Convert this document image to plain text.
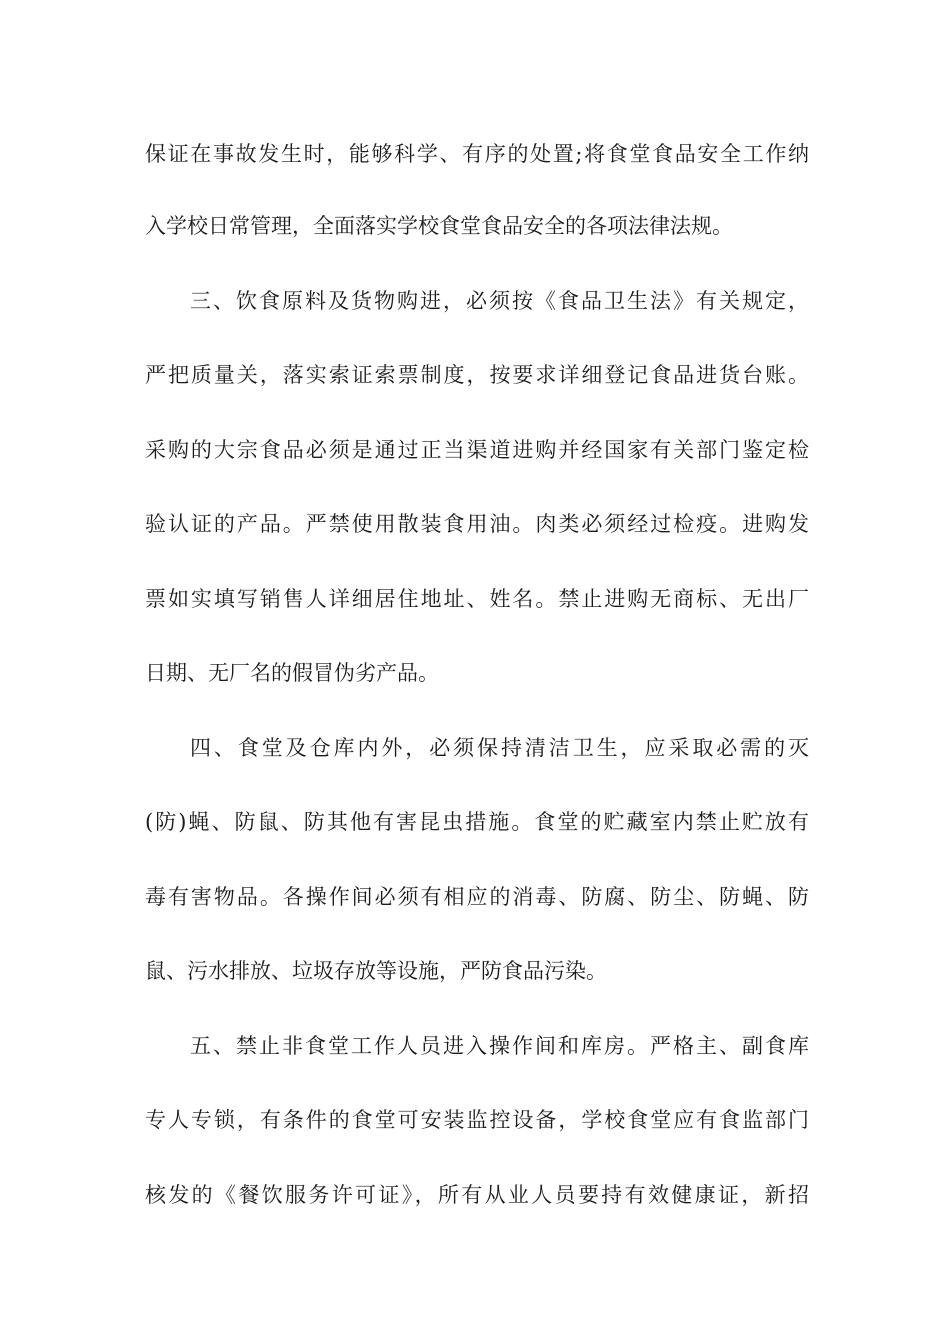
保证在事故发生时，能够科学、有序的处置;将食堂食品安全工作纳
入学校日常管理，全面落实学校食堂食品安全的各项法律法规。
三、饮食原料及货物购进，必须按《食品卫生法》有关规定，
严把质量关，落实索证索票制度，按要求详细登记食品进货台账。
采购的大宗食品必须是通过正当渠道进购并经国家有关部门鉴定检
验认证的产品。严禁使用散装食用油。肉类必须经过检疫。进购发
票如实填写销售人详细居住地址、姓名。禁止进购无商标、无出厂
日期、无厂名的假冒伪劣产品。
四、食堂及仓库内外，必须保持清洁卫生，应采取必需的灭
(防)蝇、防鼠、防其他有害昆虫措施。食堂的贮藏室内禁止贮放有
毒有害物品。各操作间必须有相应的消毒、防腐、防尘、防蝇、防
鼠、污水排放、垃圾存放等设施，严防食品污染。
五、禁止非食堂工作人员进入操作间和库房。严格主、副食库
专人专锁，有条件的食堂可安装监控设备，学校食堂应有食监部门
核发的《餐饮服务许可证》，所有从业人员要持有效健康证，新招
